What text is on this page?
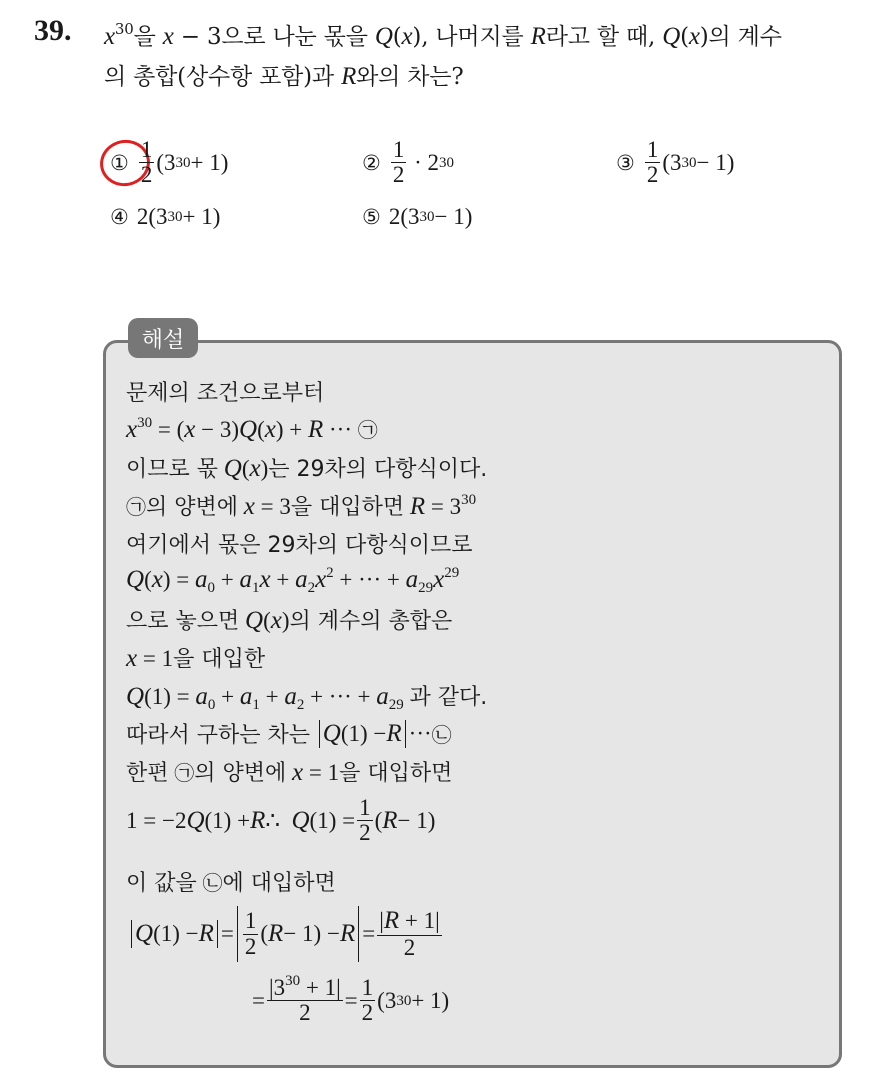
39. $x^{30}$을 x − 3으로 나눈 몫을 Q(x), 나머지를 R라고 할 때, Q(x)의 계수
의 총합(상수항 포함)과 R와의 차는?
① $\frac{1}{2} (3$ 30 + 1)	② $\frac{1}{2} \cdot 2$ 30	③ $\frac{1}{2} (3$ 30 − 1)
④ 2(3 30 + 1)	⑤ 2(3 30 − 1)
해설
문제의 조건으로부터
$x^{30} = (x - 3)Q(x) + R$ ··· ㉠
이므로 몫 Q(x)는 29차의 다항식이다.
㉠의 양변에 x = 3을 대입하면 $R = 3^{30}$
여기에서 몫은 29차의 다항식이므로
$Q(x) = a_0 + a_1x + a_2x^2$ + ··· + $a_{29}x^{29}$
으로 놓으면 Q(x)의 계수의 총합은
x = 1을 대입한
$Q(1) = a_0 + a_1 + a_2$ + ··· + $a_{29}$ 과 같다.
따라서 구하는 차는
Q (1) − R ··· ㉡
한편 ㉠의 양변에 x = 1을 대입하면
1 = −2 Q (1) + R ∴ Q $(1) = \frac{1}{2}$ ( R − 1)
이 값을 ㉡에 대입하면
Q $(1) - R = \frac{1}{2}$ ( $R - 1) - R = \frac{|R + 1|}{2}$
= $\frac{|3^{30} + 1|}{2} = \frac{1}{2} (3$ 30 + 1)
